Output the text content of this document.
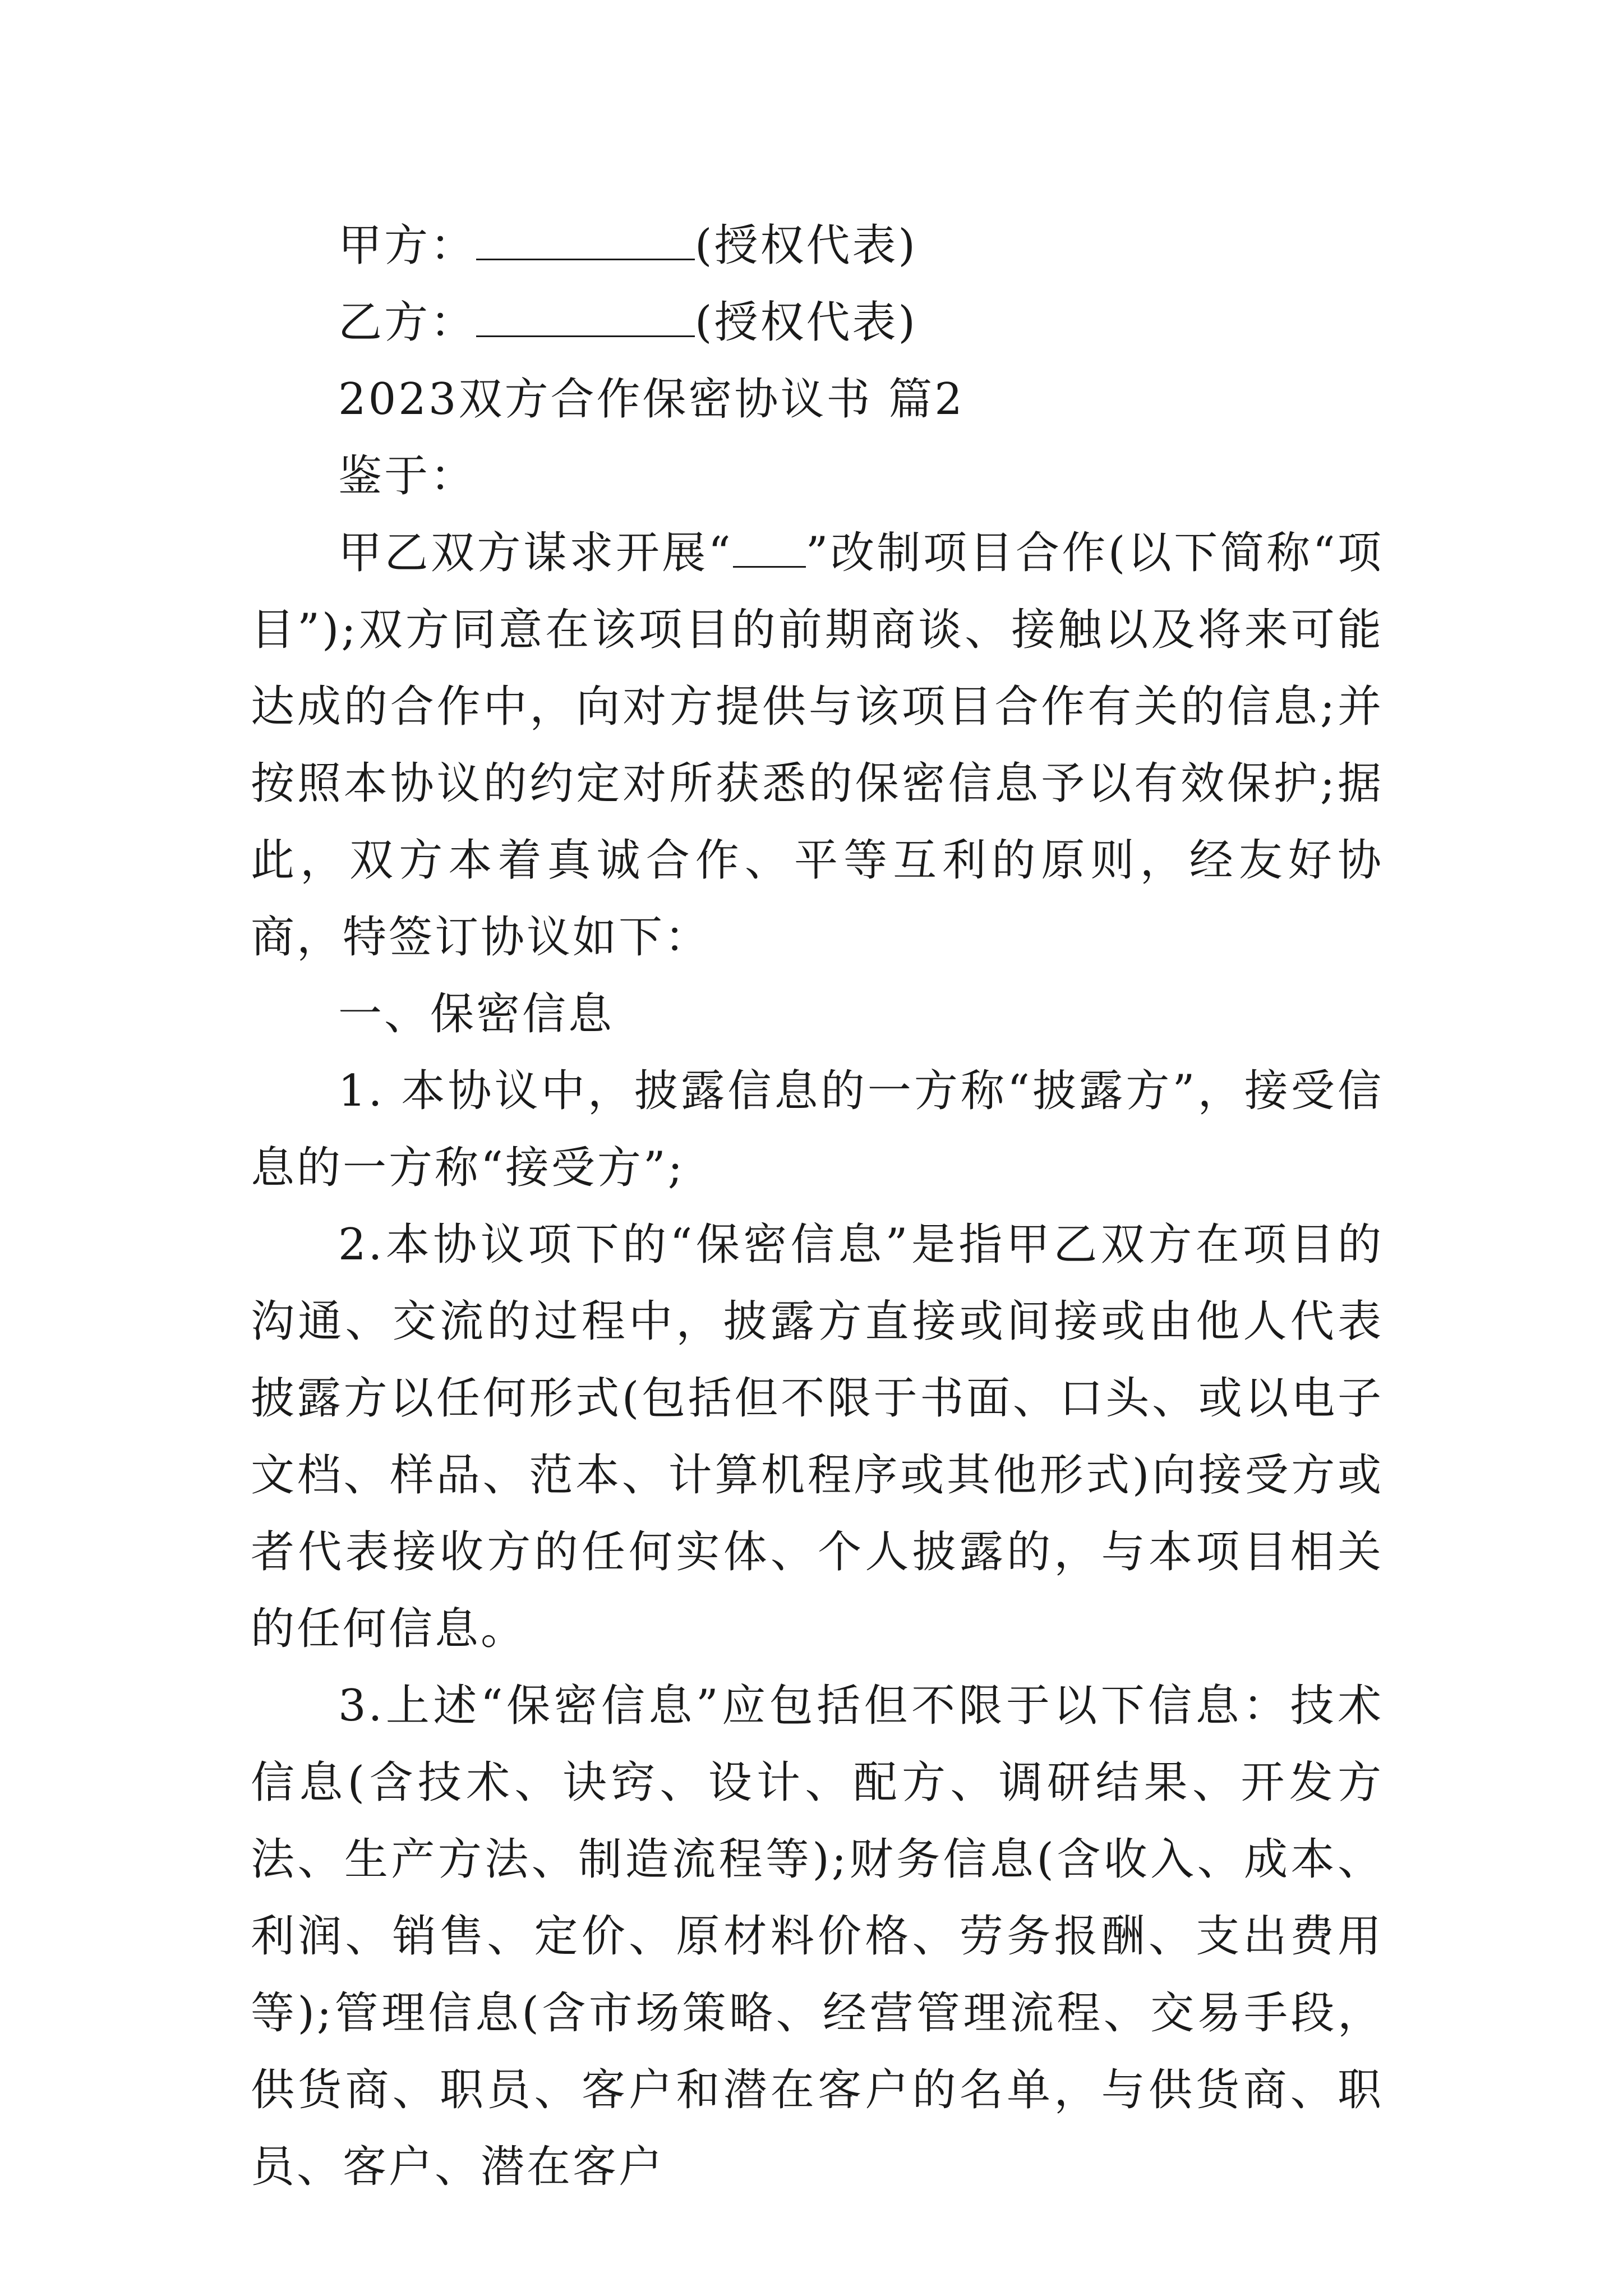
甲方：	(授权代表)

乙方：	(授权代表)

2023双方合作保密协议书 篇2

鉴于：

甲乙双方谋求开展“ ”改制项目合作(以下简称“项目”);双方同意在该项目的前期商谈、接触以及将来可能达成的合作中，向对方提供与该项目合作有关的信息;并按照本协议的约定对所获悉的保密信息予以有效保护;据此，双方本着真诚合作、平等互利的原则，经友好协商，特签订协议如下：

一、保密信息

1. 本协议中，披露信息的一方称“披露方”，接受信息的一方称“接受方”;

2.本协议项下的“保密信息”是指甲乙双方在项目的沟通、交流的过程中，披露方直接或间接或由他人代表披露方以任何形式(包括但不限于书面、口头、或以电子文档、样品、范本、计算机程序或其他形式)向接受方或者代表接收方的任何实体、个人披露的，与本项目相关的任何信息。

3.上述“保密信息”应包括但不限于以下信息：技术信息(含技术、诀窍、设计、配方、调研结果、开发方法、生产方法、制造流程等);财务信息(含收入、成本、利润、销售、定价、原材料价格、劳务报酬、支出费用等);管理信息(含市场策略、经营管理流程、交易手段，供货商、职员、客户和潜在客户的名单，与供货商、职员、客户、潜在客户
